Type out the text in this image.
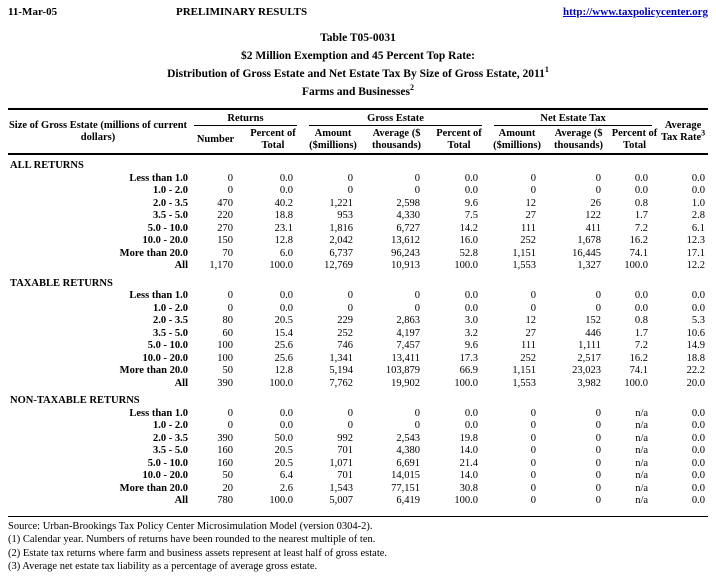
11-Mar-05	PRELIMINARY RESULTS	http://www.taxpolicycenter.org
Table T05-0031
$2 Million Exemption and 45 Percent Top Rate:
Distribution of Gross Estate and Net Estate Tax By Size of Gross Estate, 2011$^1$
Farms and Businesses$^2$
Size of Gross Estate (millions of current dollars)	Returns		Gross Estate			Net Estate Tax			Average Tax Rate$^3$
	Number	Percent of Total	Amount ($millions)	Average ($ thousands)	Percent of Total	Amount ($millions)	Average ($ thousands)	Percent of Total	

ALL RETURNS									
Less than 1.0	0	0.0	0	0	0.0	0	0	0.0	0.0
1.0 - 2.0	0	0.0	0	0	0.0	0	0	0.0	0.0
2.0 - 3.5	470	40.2	1,221	2,598	9.6	12	26	0.8	1.0
3.5 - 5.0	220	18.8	953	4,330	7.5	27	122	1.7	2.8
5.0 - 10.0	270	23.1	1,816	6,727	14.2	111	411	7.2	6.1
10.0 - 20.0	150	12.8	2,042	13,612	16.0	252	1,678	16.2	12.3
More than 20.0	70	6.0	6,737	96,243	52.8	1,151	16,445	74.1	17.1
All	1,170	100.0	12,769	10,913	100.0	1,553	1,327	100.0	12.2

TAXABLE RETURNS									
Less than 1.0	0	0.0	0	0	0.0	0	0	0.0	0.0
1.0 - 2.0	0	0.0	0	0	0.0	0	0	0.0	0.0
2.0 - 3.5	80	20.5	229	2,863	3.0	12	152	0.8	5.3
3.5 - 5.0	60	15.4	252	4,197	3.2	27	446	1.7	10.6
5.0 - 10.0	100	25.6	746	7,457	9.6	111	1,111	7.2	14.9
10.0 - 20.0	100	25.6	1,341	13,411	17.3	252	2,517	16.2	18.8
More than 20.0	50	12.8	5,194	103,879	66.9	1,151	23,023	74.1	22.2
All	390	100.0	7,762	19,902	100.0	1,553	3,982	100.0	20.0

NON-TAXABLE RETURNS									
Less than 1.0	0	0.0	0	0	0.0	0	0	n/a	0.0
1.0 - 2.0	0	0.0	0	0	0.0	0	0	n/a	0.0
2.0 - 3.5	390	50.0	992	2,543	19.8	0	0	n/a	0.0
3.5 - 5.0	160	20.5	701	4,380	14.0	0	0	n/a	0.0
5.0 - 10.0	160	20.5	1,071	6,691	21.4	0	0	n/a	0.0
10.0 - 20.0	50	6.4	701	14,015	14.0	0	0	n/a	0.0
More than 20.0	20	2.6	1,543	77,151	30.8	0	0	n/a	0.0
All	780	100.0	5,007	6,419	100.0	0	0	n/a	0.0
Source: Urban-Brookings Tax Policy Center Microsimulation Model (version 0304-2).
(1) Calendar year. Numbers of returns have been rounded to the nearest multiple of ten.
(2) Estate tax returns where farm and business assets represent at least half of gross estate.
(3) Average net estate tax liability as a percentage of average gross estate.
